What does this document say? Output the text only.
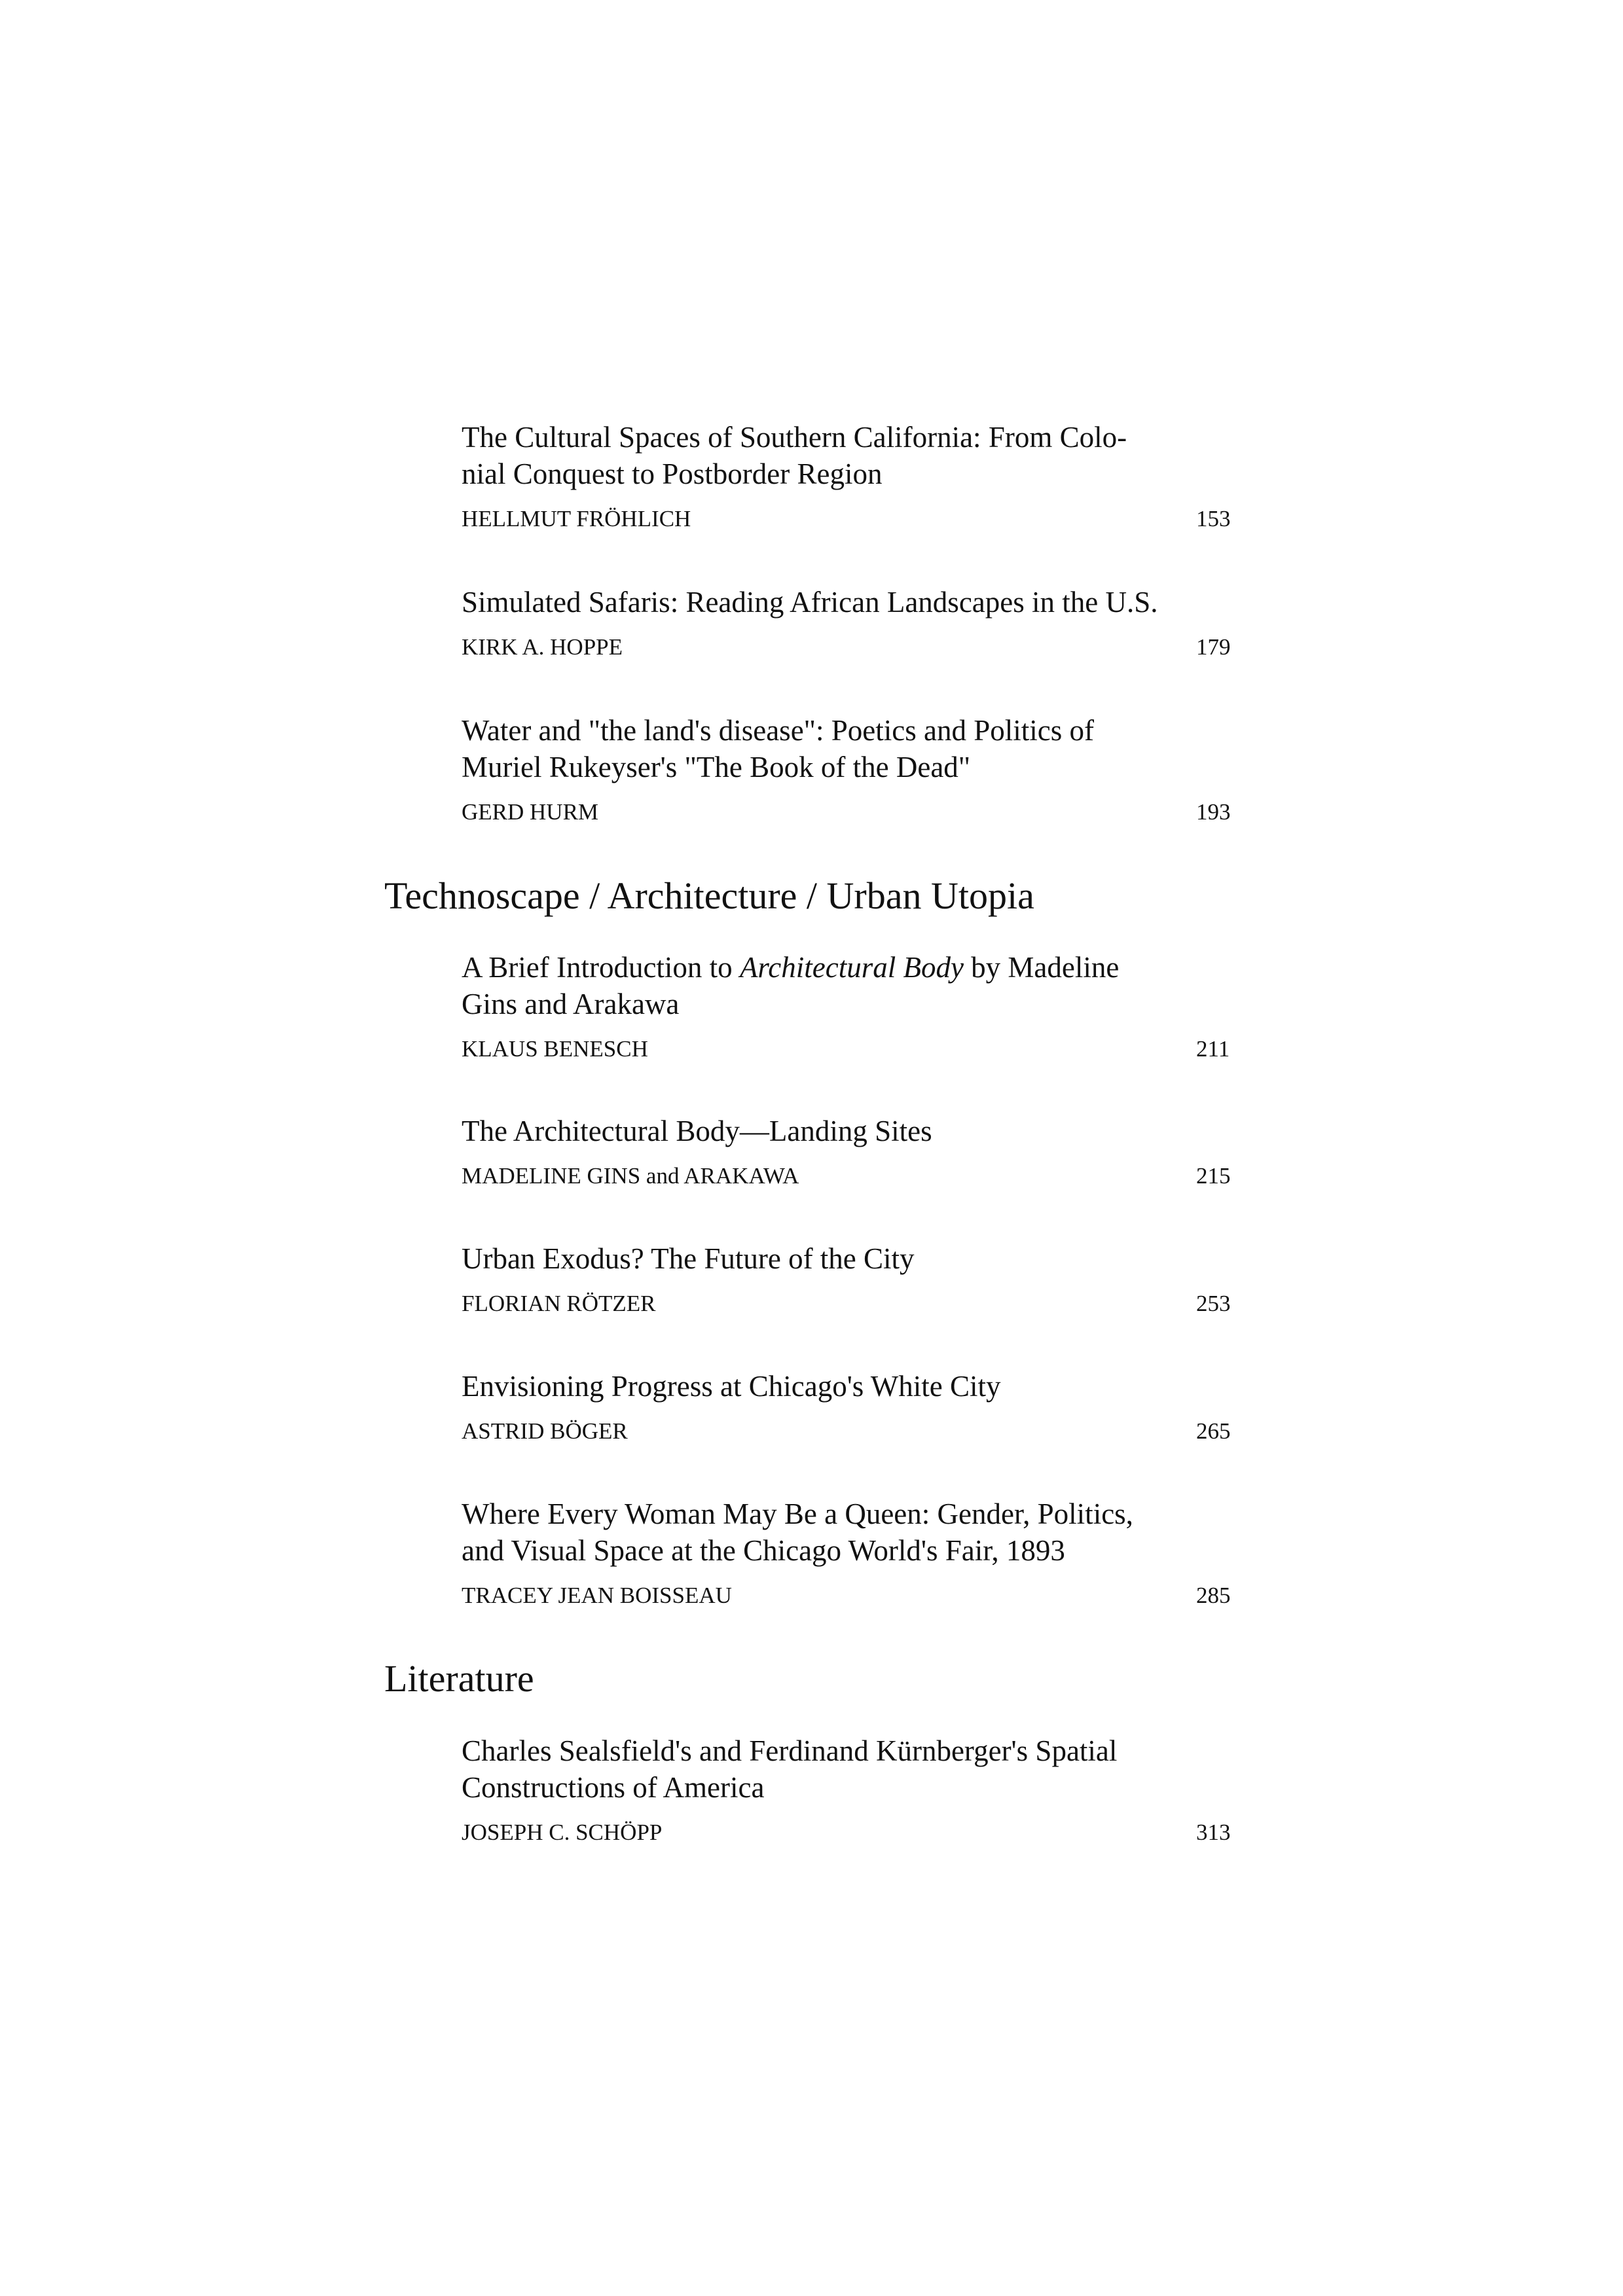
The Cultural Spaces of Southern California: From Colo-
nial Conquest to Postborder Region

HELLMUT FRÖHLICH	153

Simulated Safaris: Reading African Landscapes in the U.S.

KIRK A. HOPPE	179

Water and "the land's disease": Poetics and Politics of
Muriel Rukeyser's "The Book of the Dead"

GERD HURM	193
Technoscape / Architecture / Urban Utopia

A Brief Introduction to Architectural Body by Madeline
Gins and Arakawa

KLAUS BENESCH	211

The Architectural Body—Landing Sites

MADELINE GINS and ARAKAWA	215

Urban Exodus? The Future of the City

FLORIAN RÖTZER	253

Envisioning Progress at Chicago's White City

ASTRID BÖGER	265

Where Every Woman May Be a Queen: Gender, Politics,
and Visual Space at the Chicago World's Fair, 1893

TRACEY JEAN BOISSEAU	285
Literature

Charles Sealsfield's and Ferdinand Kürnberger's Spatial
Constructions of America

JOSEPH C. SCHÖPP	313
